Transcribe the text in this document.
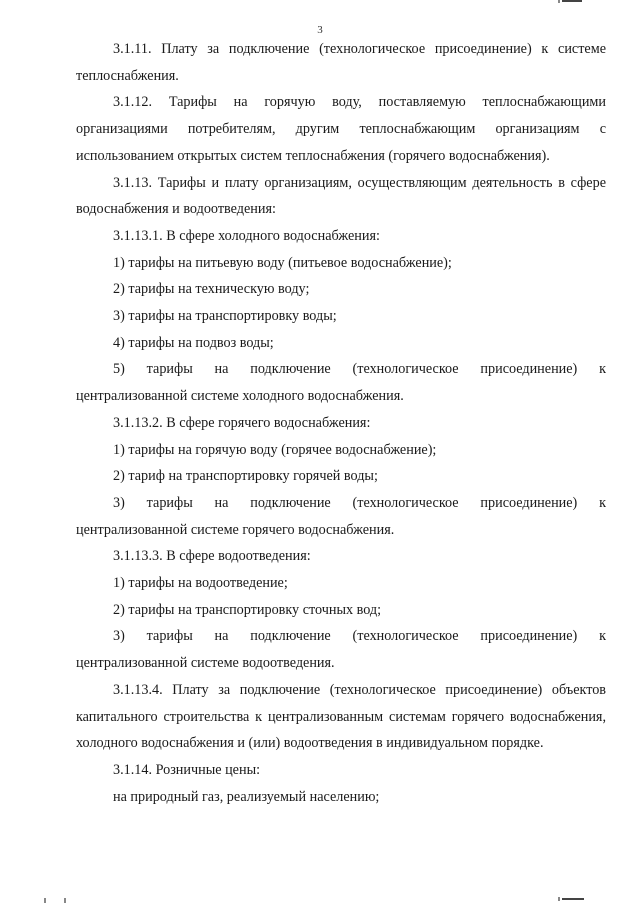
3

3.1.11. Плату за подключение (технологическое присоединение) к системе теплоснабжения.

3.1.12. Тарифы на горячую воду, поставляемую теплоснабжающими организациями потребителям, другим теплоснабжающим организациям с использованием открытых систем теплоснабжения (горячего водоснабжения).

3.1.13. Тарифы и плату организациям, осуществляющим деятельность в сфере водоснабжения и водоотведения:

3.1.13.1. В сфере холодного водоснабжения:

1) тарифы на питьевую воду (питьевое водоснабжение);

2) тарифы на техническую воду;

3) тарифы на транспортировку воды;

4) тарифы на подвоз воды;

5) тарифы на подключение (технологическое присоединение) к централизованной системе холодного водоснабжения.

3.1.13.2. В сфере горячего водоснабжения:

1) тарифы на горячую воду (горячее водоснабжение);

2) тариф на транспортировку горячей воды;

3) тарифы на подключение (технологическое присоединение) к централизованной системе горячего водоснабжения.

3.1.13.3. В сфере водоотведения:

1) тарифы на водоотведение;

2) тарифы на транспортировку сточных вод;

3) тарифы на подключение (технологическое присоединение) к централизованной системе водоотведения.

3.1.13.4. Плату за подключение (технологическое присоединение) объектов капитального строительства к централизованным системам горячего водоснабжения, холодного водоснабжения и (или) водоотведения в индивидуальном порядке.

3.1.14. Розничные цены:

на природный газ, реализуемый населению;
